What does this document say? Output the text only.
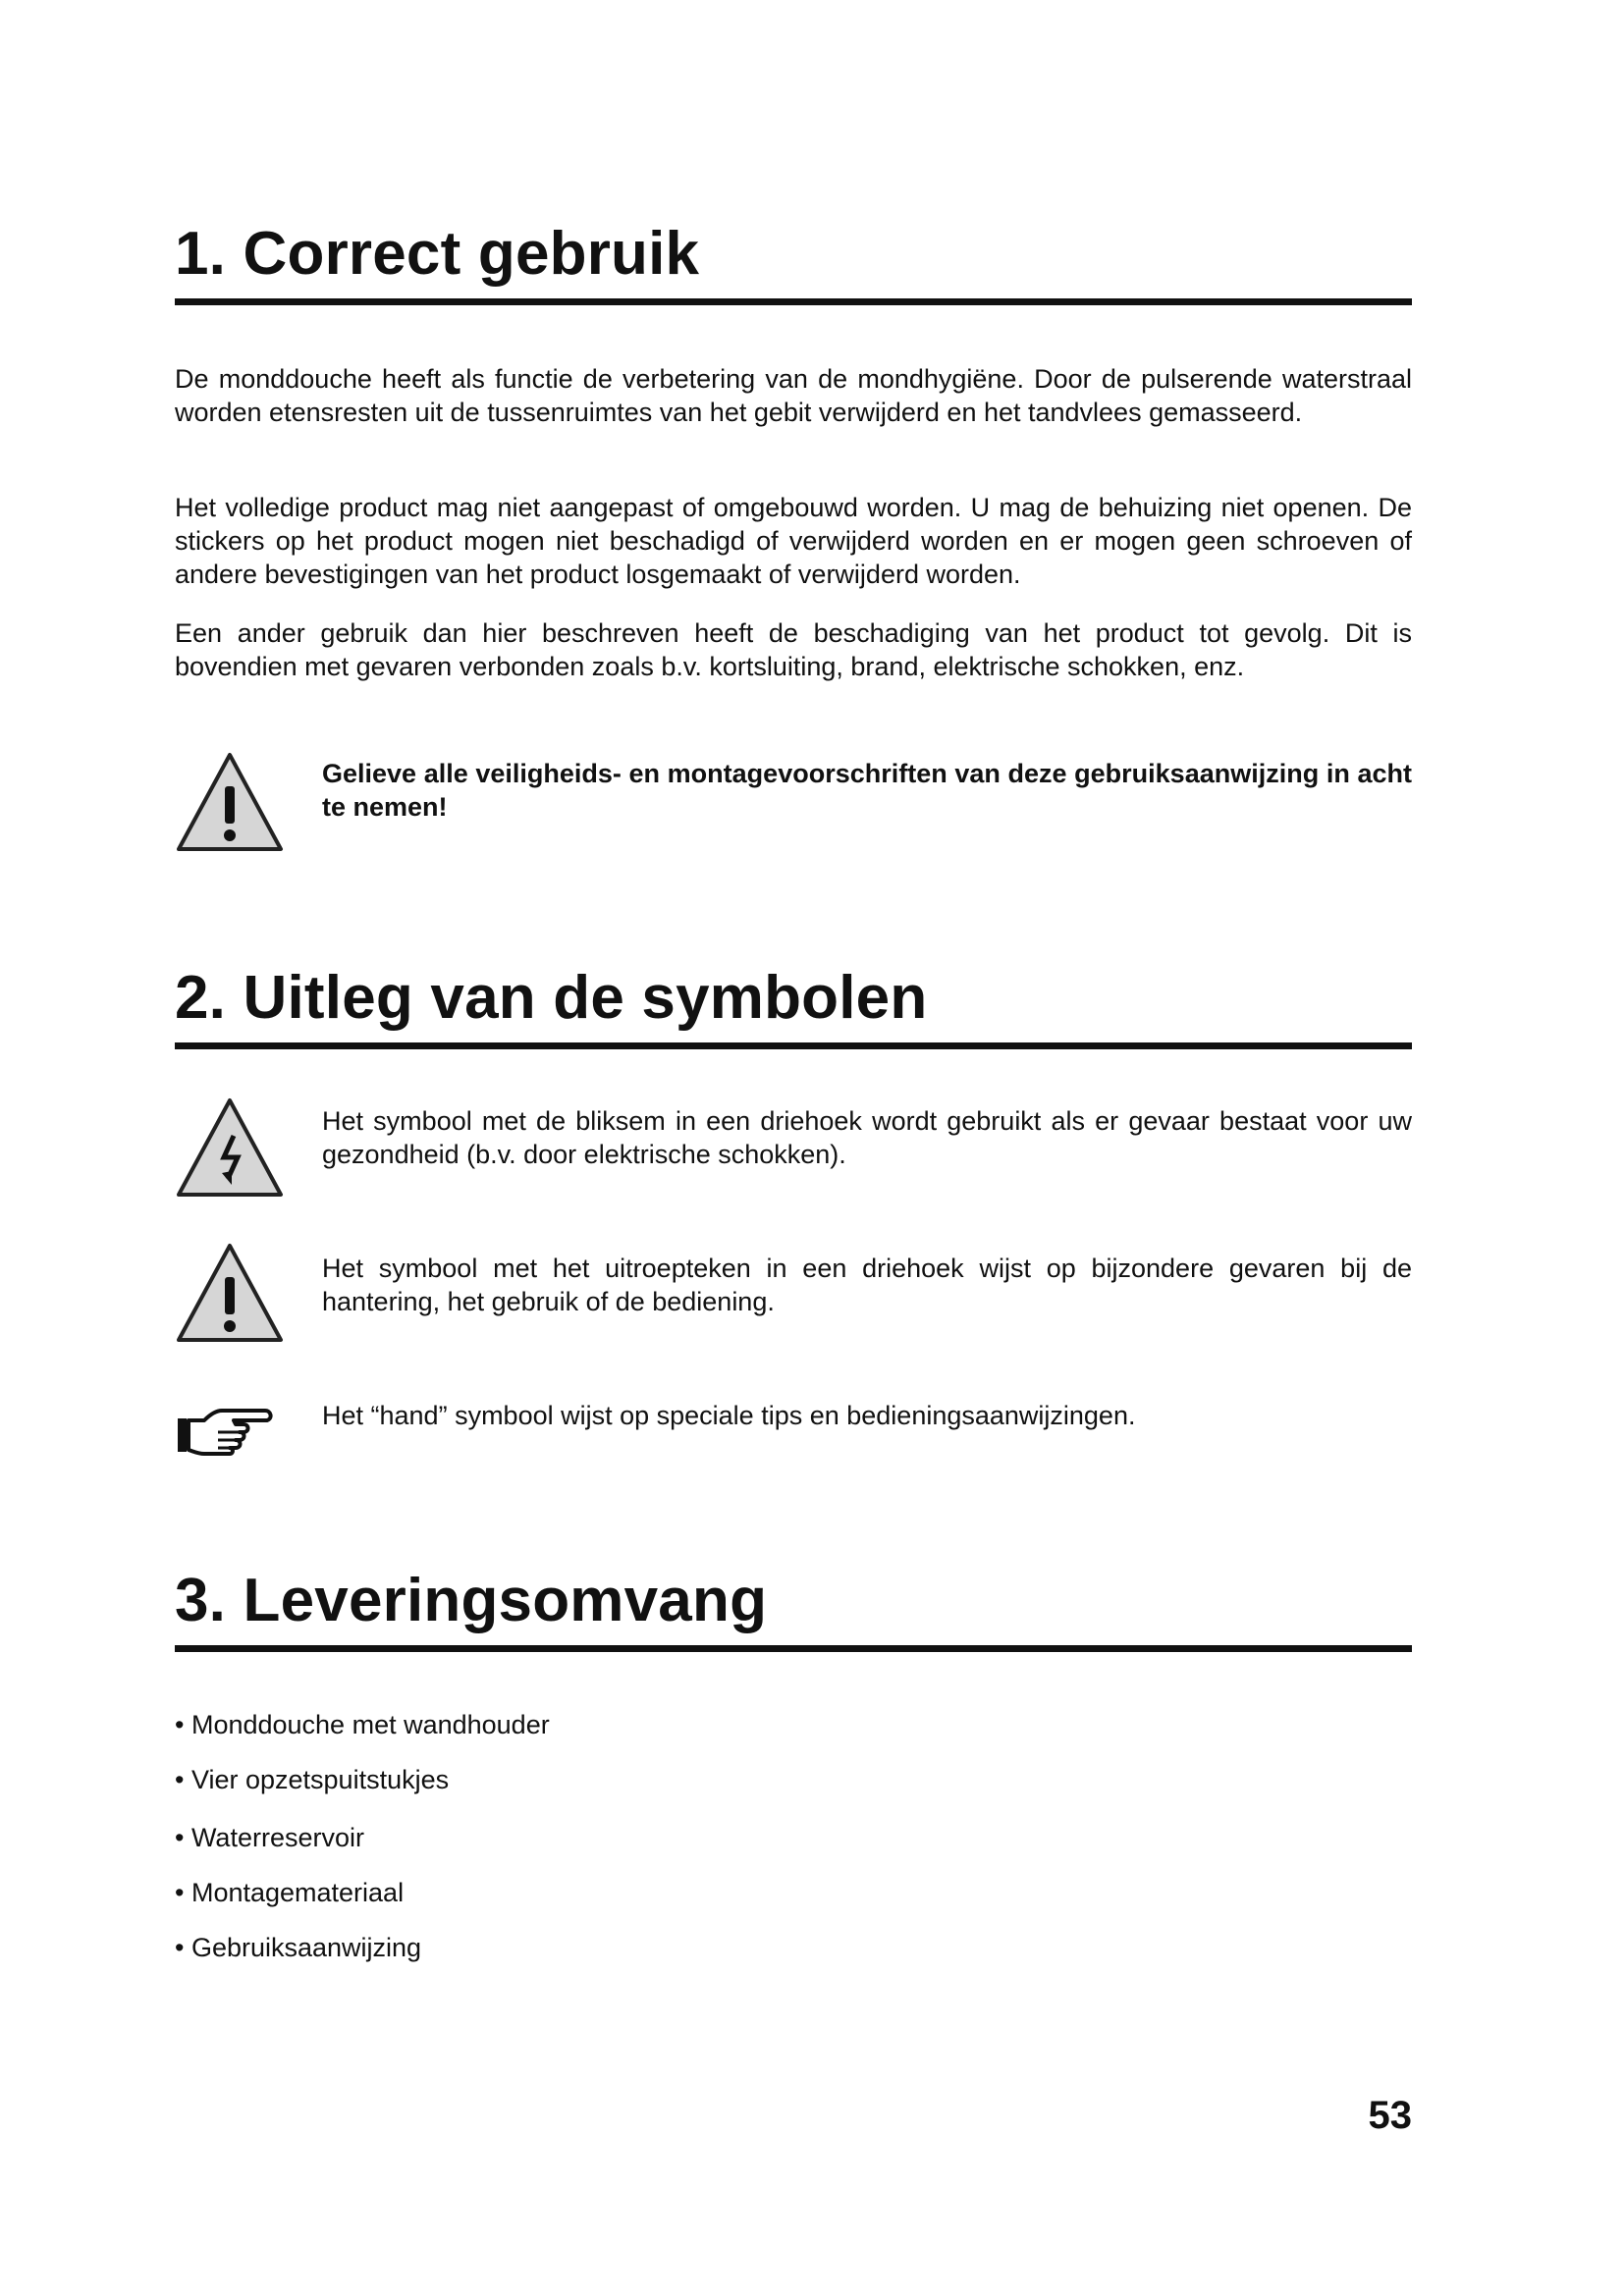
1. Correct gebruik

De monddouche heeft als functie de verbetering van de mondhygiëne. Door de pulserende waterstraal worden etensresten uit de tussenruimtes van het gebit verwijderd en het tandvlees gemasseerd.

Het volledige product mag niet aangepast of omgebouwd worden. U mag de behuizing niet openen. De stickers op het product mogen niet beschadigd of verwijderd worden en er mogen geen schroeven of andere bevestigingen van het product losgemaakt of verwijderd worden.

Een ander gebruik dan hier beschreven heeft de beschadiging van het product tot gevolg. Dit is bovendien met gevaren verbonden zoals b.v. kortsluiting, brand, elektrische schokken, enz.

Gelieve alle veiligheids- en montagevoorschriften van deze gebruiksaanwijzing in acht te nemen!

2. Uitleg van de symbolen

Het symbool met de bliksem in een driehoek wordt gebruikt als er gevaar bestaat voor uw gezondheid (b.v. door elektrische schokken).

Het symbool met het uitroepteken in een driehoek wijst op bijzondere gevaren bij de hantering, het gebruik of de bediening.

Het “hand” symbool wijst op speciale tips en bedieningsaanwijzingen.

3. Leveringsomvang

• Monddouche met wandhouder

• Vier opzetspuitstukjes

• Waterreservoir

• Montagemateriaal

• Gebruiksaanwijzing

53
